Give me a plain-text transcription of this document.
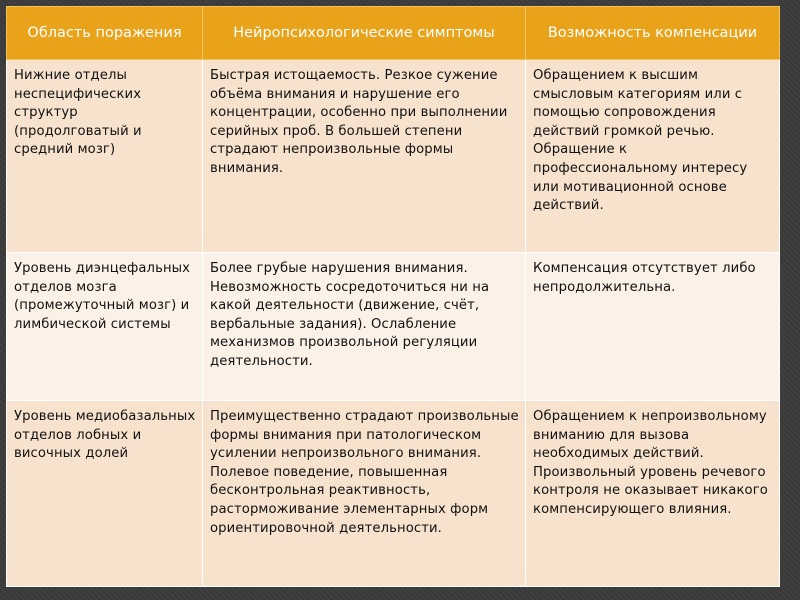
Область поражения	Нейропсихологические симптомы	Возможность компенсации
Нижние отделы неспецифических структур (продолговатый и средний мозг)	Быстрая истощаемость. Резкое сужение объёма внимания и нарушение его концентрации, особенно при выполнении серийных проб. В большей степени страдают непроизвольные формы внимания.	Обращением к высшим смысловым категориям или с помощью сопровождения действий громкой речью. Обращение к профессиональному интересу или мотивационной основе действий.
Уровень диэнцефальных отделов мозга (промежуточный мозг) и лимбической системы	Более грубые нарушения внимания. Невозможность сосредоточиться ни на какой деятельности (движение, счёт, вербальные задания). Ослабление механизмов произвольной регуляции деятельности.	Компенсация отсутствует либо непродолжительна.
Уровень медиобазальных отделов лобных и височных долей	Преимущественно страдают произвольные формы внимания при патологическом усилении непроизвольного внимания. Полевое поведение, повышенная бесконтрольная реактивность, расторможивание элементарных форм ориентировочной деятельности.	Обращением к непроизвольному вниманию для вызова необходимых действий. Произвольный уровень речевого контроля не оказывает никакого компенсирующего влияния.
